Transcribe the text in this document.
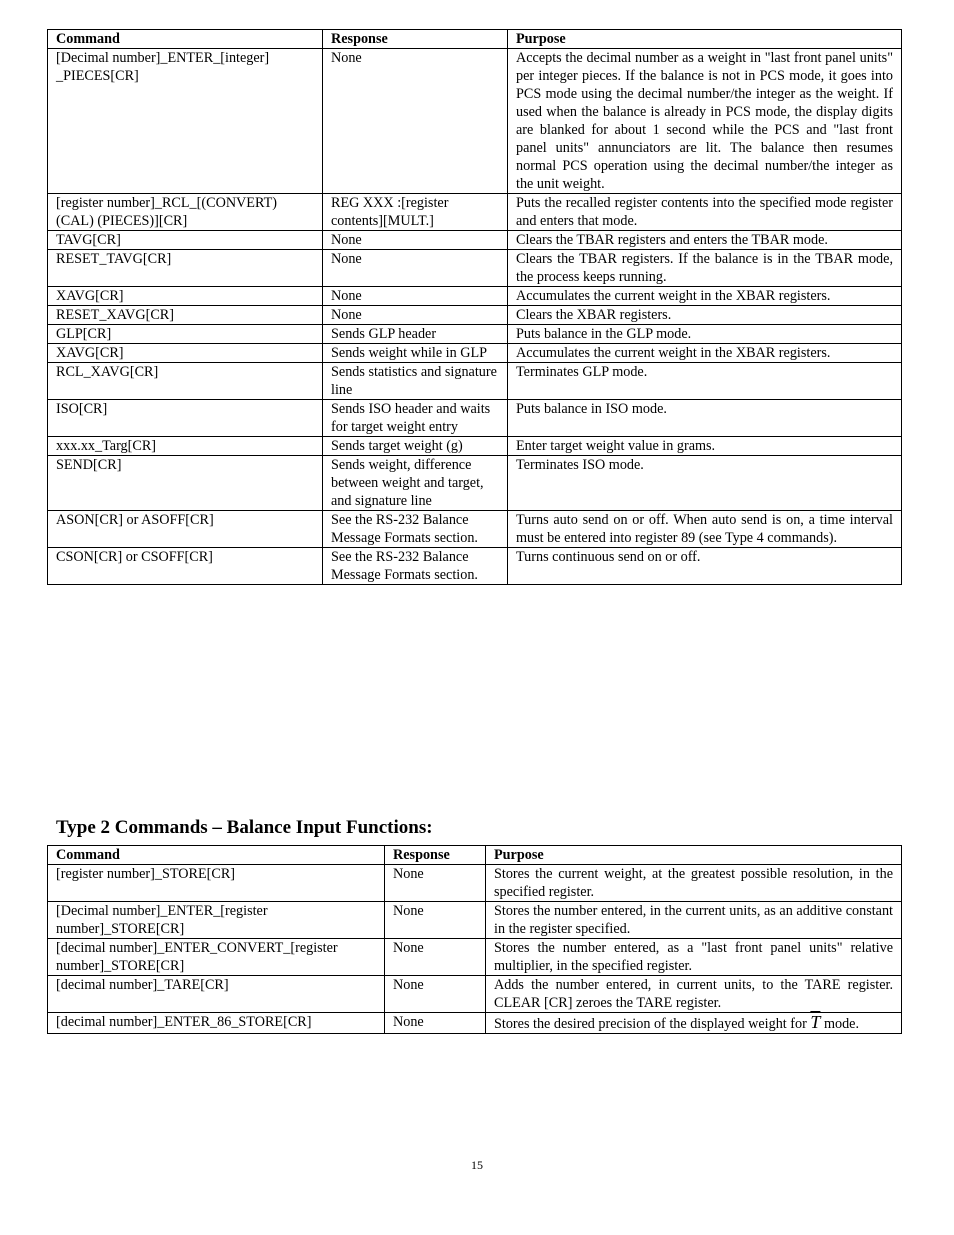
Command	Response	Purpose
[Decimal number]_ENTER_[integer] _PIECES[CR]	None	Accepts the decimal number as a weight in "last front panel units" per integer pieces. If the balance is not in PCS mode, it goes into PCS mode using the decimal number/the integer as the weight. If used when the balance is already in PCS mode, the display digits are blanked for about 1 second while the PCS and "last front panel units" annunciators are lit. The balance then resumes normal PCS operation using the decimal number/the integer as the unit weight.
[register number]_RCL_[(CONVERT) (CAL) (PIECES)][CR]	REG XXX :[register contents][MULT.]	Puts the recalled register contents into the specified mode register and enters that mode.
TAVG[CR]	None	Clears the TBAR registers and enters the TBAR mode.
RESET_TAVG[CR]	None	Clears the TBAR registers. If the balance is in the TBAR mode, the process keeps running.
XAVG[CR]	None	Accumulates the current weight in the XBAR registers.
RESET_XAVG[CR]	None	Clears the XBAR registers.
GLP[CR]	Sends GLP header	Puts balance in the GLP mode.
XAVG[CR]	Sends weight while in GLP	Accumulates the current weight in the XBAR registers.
RCL_XAVG[CR]	Sends statistics and signature line	Terminates GLP mode.
ISO[CR]	Sends ISO header and waits for target weight entry	Puts balance in ISO mode.
xxx.xx_Targ[CR]	Sends target weight (g)	Enter target weight value in grams.
SEND[CR]	Sends weight, difference between weight and target, and signature line	Terminates ISO mode.
ASON[CR] or ASOFF[CR]	See the RS-232 Balance Message Formats section.	Turns auto send on or off. When auto send is on, a time interval must be entered into register 89 (see Type 4 commands).
CSON[CR] or CSOFF[CR]	See the RS-232 Balance Message Formats section.	Turns continuous send on or off.
Type 2 Commands – Balance Input Functions:
Command	Response	Purpose
[register number]_STORE[CR]	None	Stores the current weight, at the greatest possible resolution, in the specified register.
[Decimal number]_ENTER_[register number]_STORE[CR]	None	Stores the number entered, in the current units, as an additive constant in the register specified.
[decimal number]_ENTER_CONVERT_[register number]_STORE[CR]	None	Stores the number entered, as a "last front panel units" relative multiplier, in the specified register.
[decimal number]_TARE[CR]	None	Adds the number entered, in current units, to the TARE register. CLEAR [CR] zeroes the TARE register.
[decimal number]_ENTER_86_STORE[CR]	None	Stores the desired precision of the displayed weight for $\overline{T}$ mode.
15
